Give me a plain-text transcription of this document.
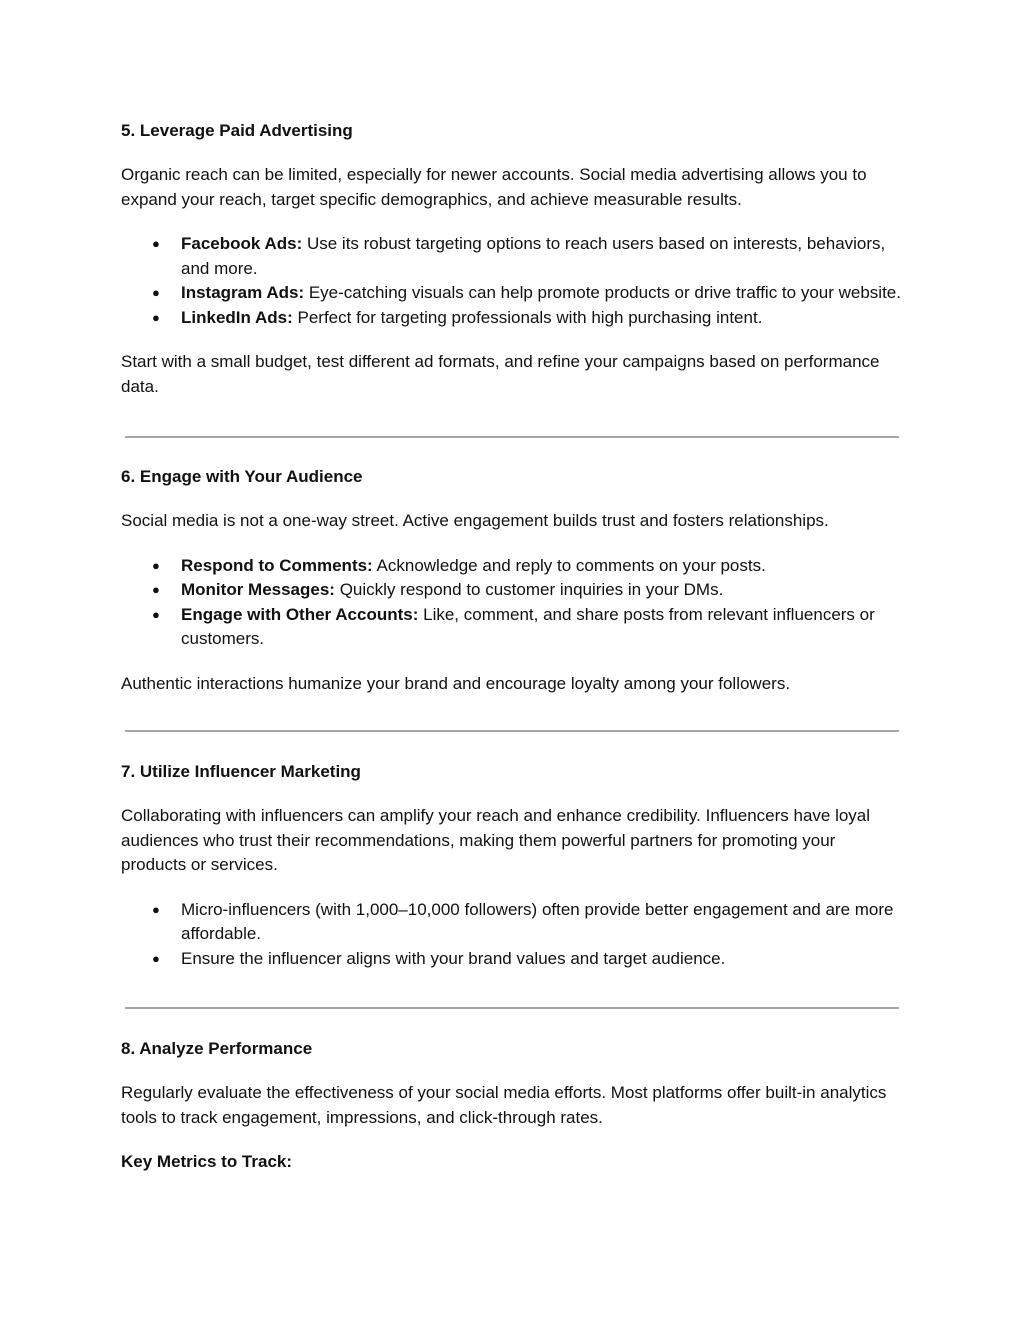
5. Leverage Paid Advertising

Organic reach can be limited, especially for newer accounts. Social media advertising allows you to expand your reach, target specific demographics, and achieve measurable results.

● Facebook Ads: Use its robust targeting options to reach users based on interests, behaviors, and more.
● Instagram Ads: Eye-catching visuals can help promote products or drive traffic to your website.
● LinkedIn Ads: Perfect for targeting professionals with high purchasing intent.

Start with a small budget, test different ad formats, and refine your campaigns based on performance data.

6. Engage with Your Audience

Social media is not a one-way street. Active engagement builds trust and fosters relationships.

● Respond to Comments: Acknowledge and reply to comments on your posts.
● Monitor Messages: Quickly respond to customer inquiries in your DMs.
● Engage with Other Accounts: Like, comment, and share posts from relevant influencers or customers.

Authentic interactions humanize your brand and encourage loyalty among your followers.

7. Utilize Influencer Marketing

Collaborating with influencers can amplify your reach and enhance credibility. Influencers have loyal audiences who trust their recommendations, making them powerful partners for promoting your products or services.

● Micro-influencers (with 1,000–10,000 followers) often provide better engagement and are more affordable.
● Ensure the influencer aligns with your brand values and target audience.
8. Analyze Performance

Regularly evaluate the effectiveness of your social media efforts. Most platforms offer built-in analytics tools to track engagement, impressions, and click-through rates.

Key Metrics to Track:
